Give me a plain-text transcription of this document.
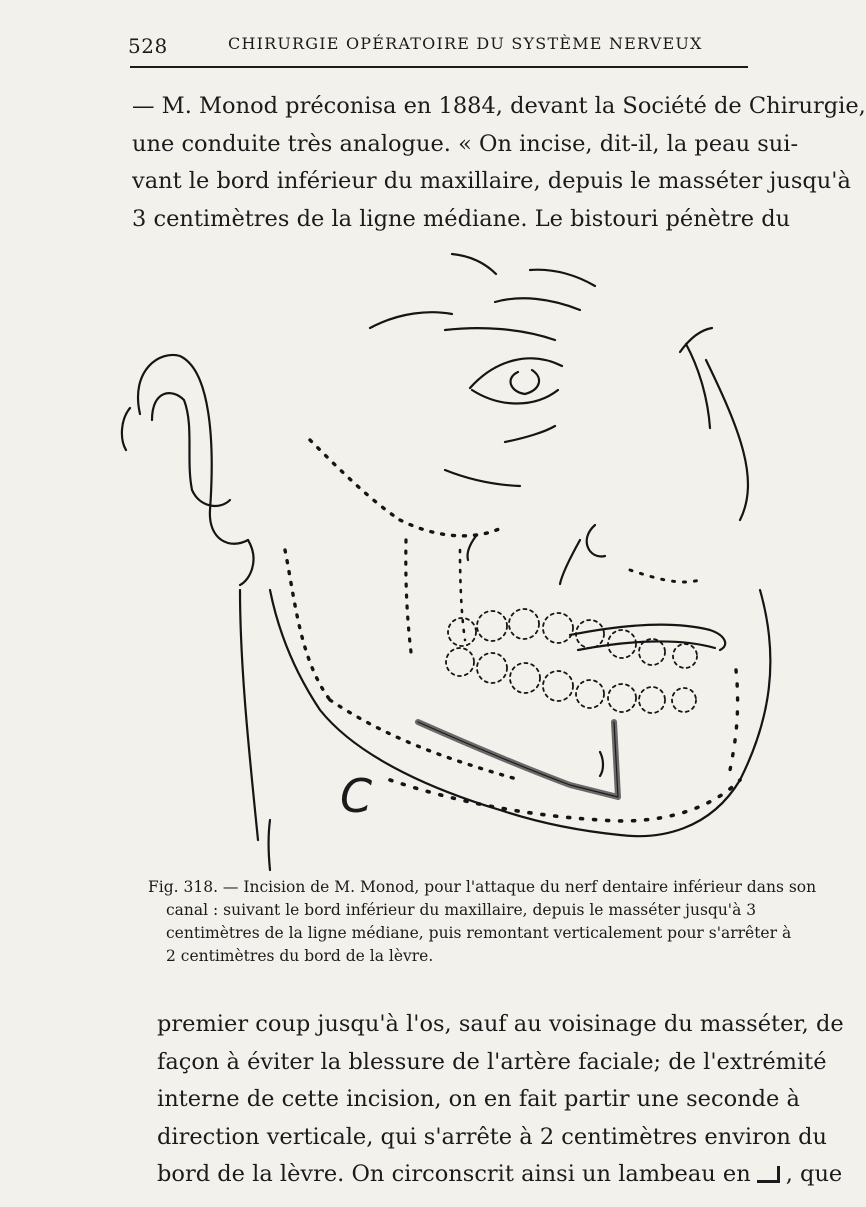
528	CHIRURGIE OPÉRATOIRE DU SYSTÈME NERVEUX

— M. Monod préconisa en 1884, devant la Société de Chirurgie,
une conduite très analogue. « On incise, dit-il, la peau sui-
vant le bord inférieur du maxillaire, depuis le masséter jusqu'à
3 centimètres de la ligne médiane. Le bistouri pénètre du

C
Fig. 318. — Incision de M. Monod, pour l'attaque du nerf dentaire inférieur dans son
canal : suivant le bord inférieur du maxillaire, depuis le masséter jusqu'à 3
centimètres de la ligne médiane, puis remontant verticalement pour s'arrêter à
2 centimètres du bord de la lèvre.

premier coup jusqu'à l'os, sauf au voisinage du masséter, de
façon à éviter la blessure de l'artère faciale; de l'extrémité
interne de cette incision, on en fait partir une seconde à
direction verticale, qui s'arrête à 2 centimètres environ du
bord de la lèvre. On circonscrit ainsi un lambeau en , que
